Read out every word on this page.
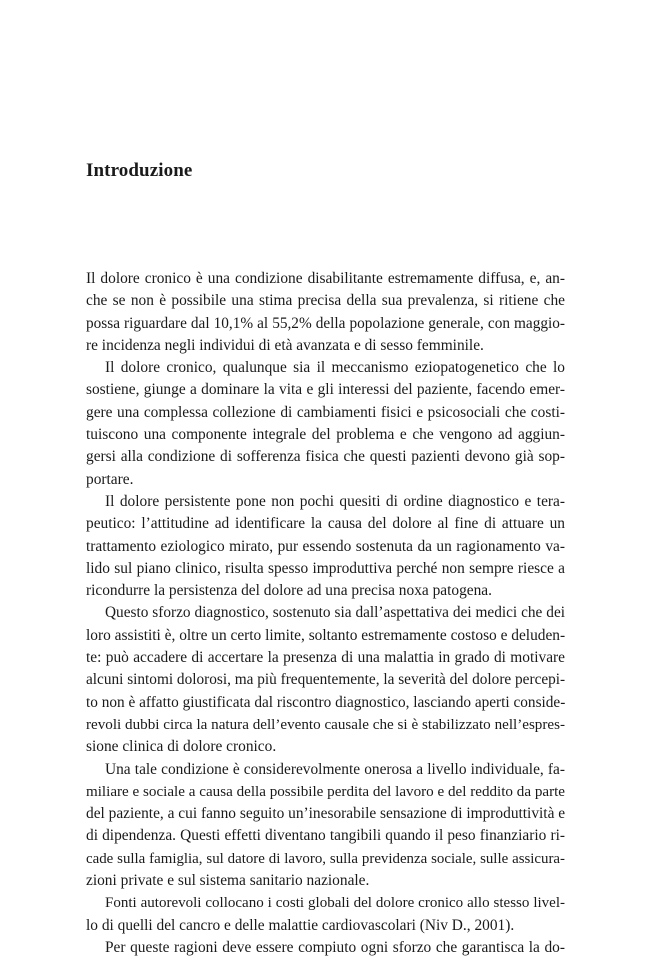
Introduzione
Il dolore cronico è una condizione disabilitante estremamente diffusa, e, an-
che se non è possibile una stima precisa della sua prevalenza, si ritiene che
possa riguardare dal 10,1% al 55,2% della popolazione generale, con maggio-
re incidenza negli individui di età avanzata e di sesso femminile.
Il dolore cronico, qualunque sia il meccanismo eziopatogenetico che lo
sostiene, giunge a dominare la vita e gli interessi del paziente, facendo emer-
gere una complessa collezione di cambiamenti fisici e psicosociali che costi-
tuiscono una componente integrale del problema e che vengono ad aggiun-
gersi alla condizione di sofferenza fisica che questi pazienti devono già sop-
portare.
Il dolore persistente pone non pochi quesiti di ordine diagnostico e tera-
peutico: l’attitudine ad identificare la causa del dolore al fine di attuare un
trattamento eziologico mirato, pur essendo sostenuta da un ragionamento va-
lido sul piano clinico, risulta spesso improduttiva perché non sempre riesce a
ricondurre la persistenza del dolore ad una precisa noxa patogena.
Questo sforzo diagnostico, sostenuto sia dall’aspettativa dei medici che dei
loro assistiti è, oltre un certo limite, soltanto estremamente costoso e deluden-
te: può accadere di accertare la presenza di una malattia in grado di motivare
alcuni sintomi dolorosi, ma più frequentemente, la severità del dolore percepi-
to non è affatto giustificata dal riscontro diagnostico, lasciando aperti conside-
revoli dubbi circa la natura dell’evento causale che si è stabilizzato nell’espres-
sione clinica di dolore cronico.
Una tale condizione è considerevolmente onerosa a livello individuale, fa-
miliare e sociale a causa della possibile perdita del lavoro e del reddito da parte
del paziente, a cui fanno seguito un’inesorabile sensazione di improduttività e
di dipendenza. Questi effetti diventano tangibili quando il peso finanziario ri-
cade sulla famiglia, sul datore di lavoro, sulla previdenza sociale, sulle assicura-
zioni private e sul sistema sanitario nazionale.
Fonti autorevoli collocano i costi globali del dolore cronico allo stesso livel-
lo di quelli del cancro e delle malattie cardiovascolari (Niv D., 2001).
Per queste ragioni deve essere compiuto ogni sforzo che garantisca la do-
